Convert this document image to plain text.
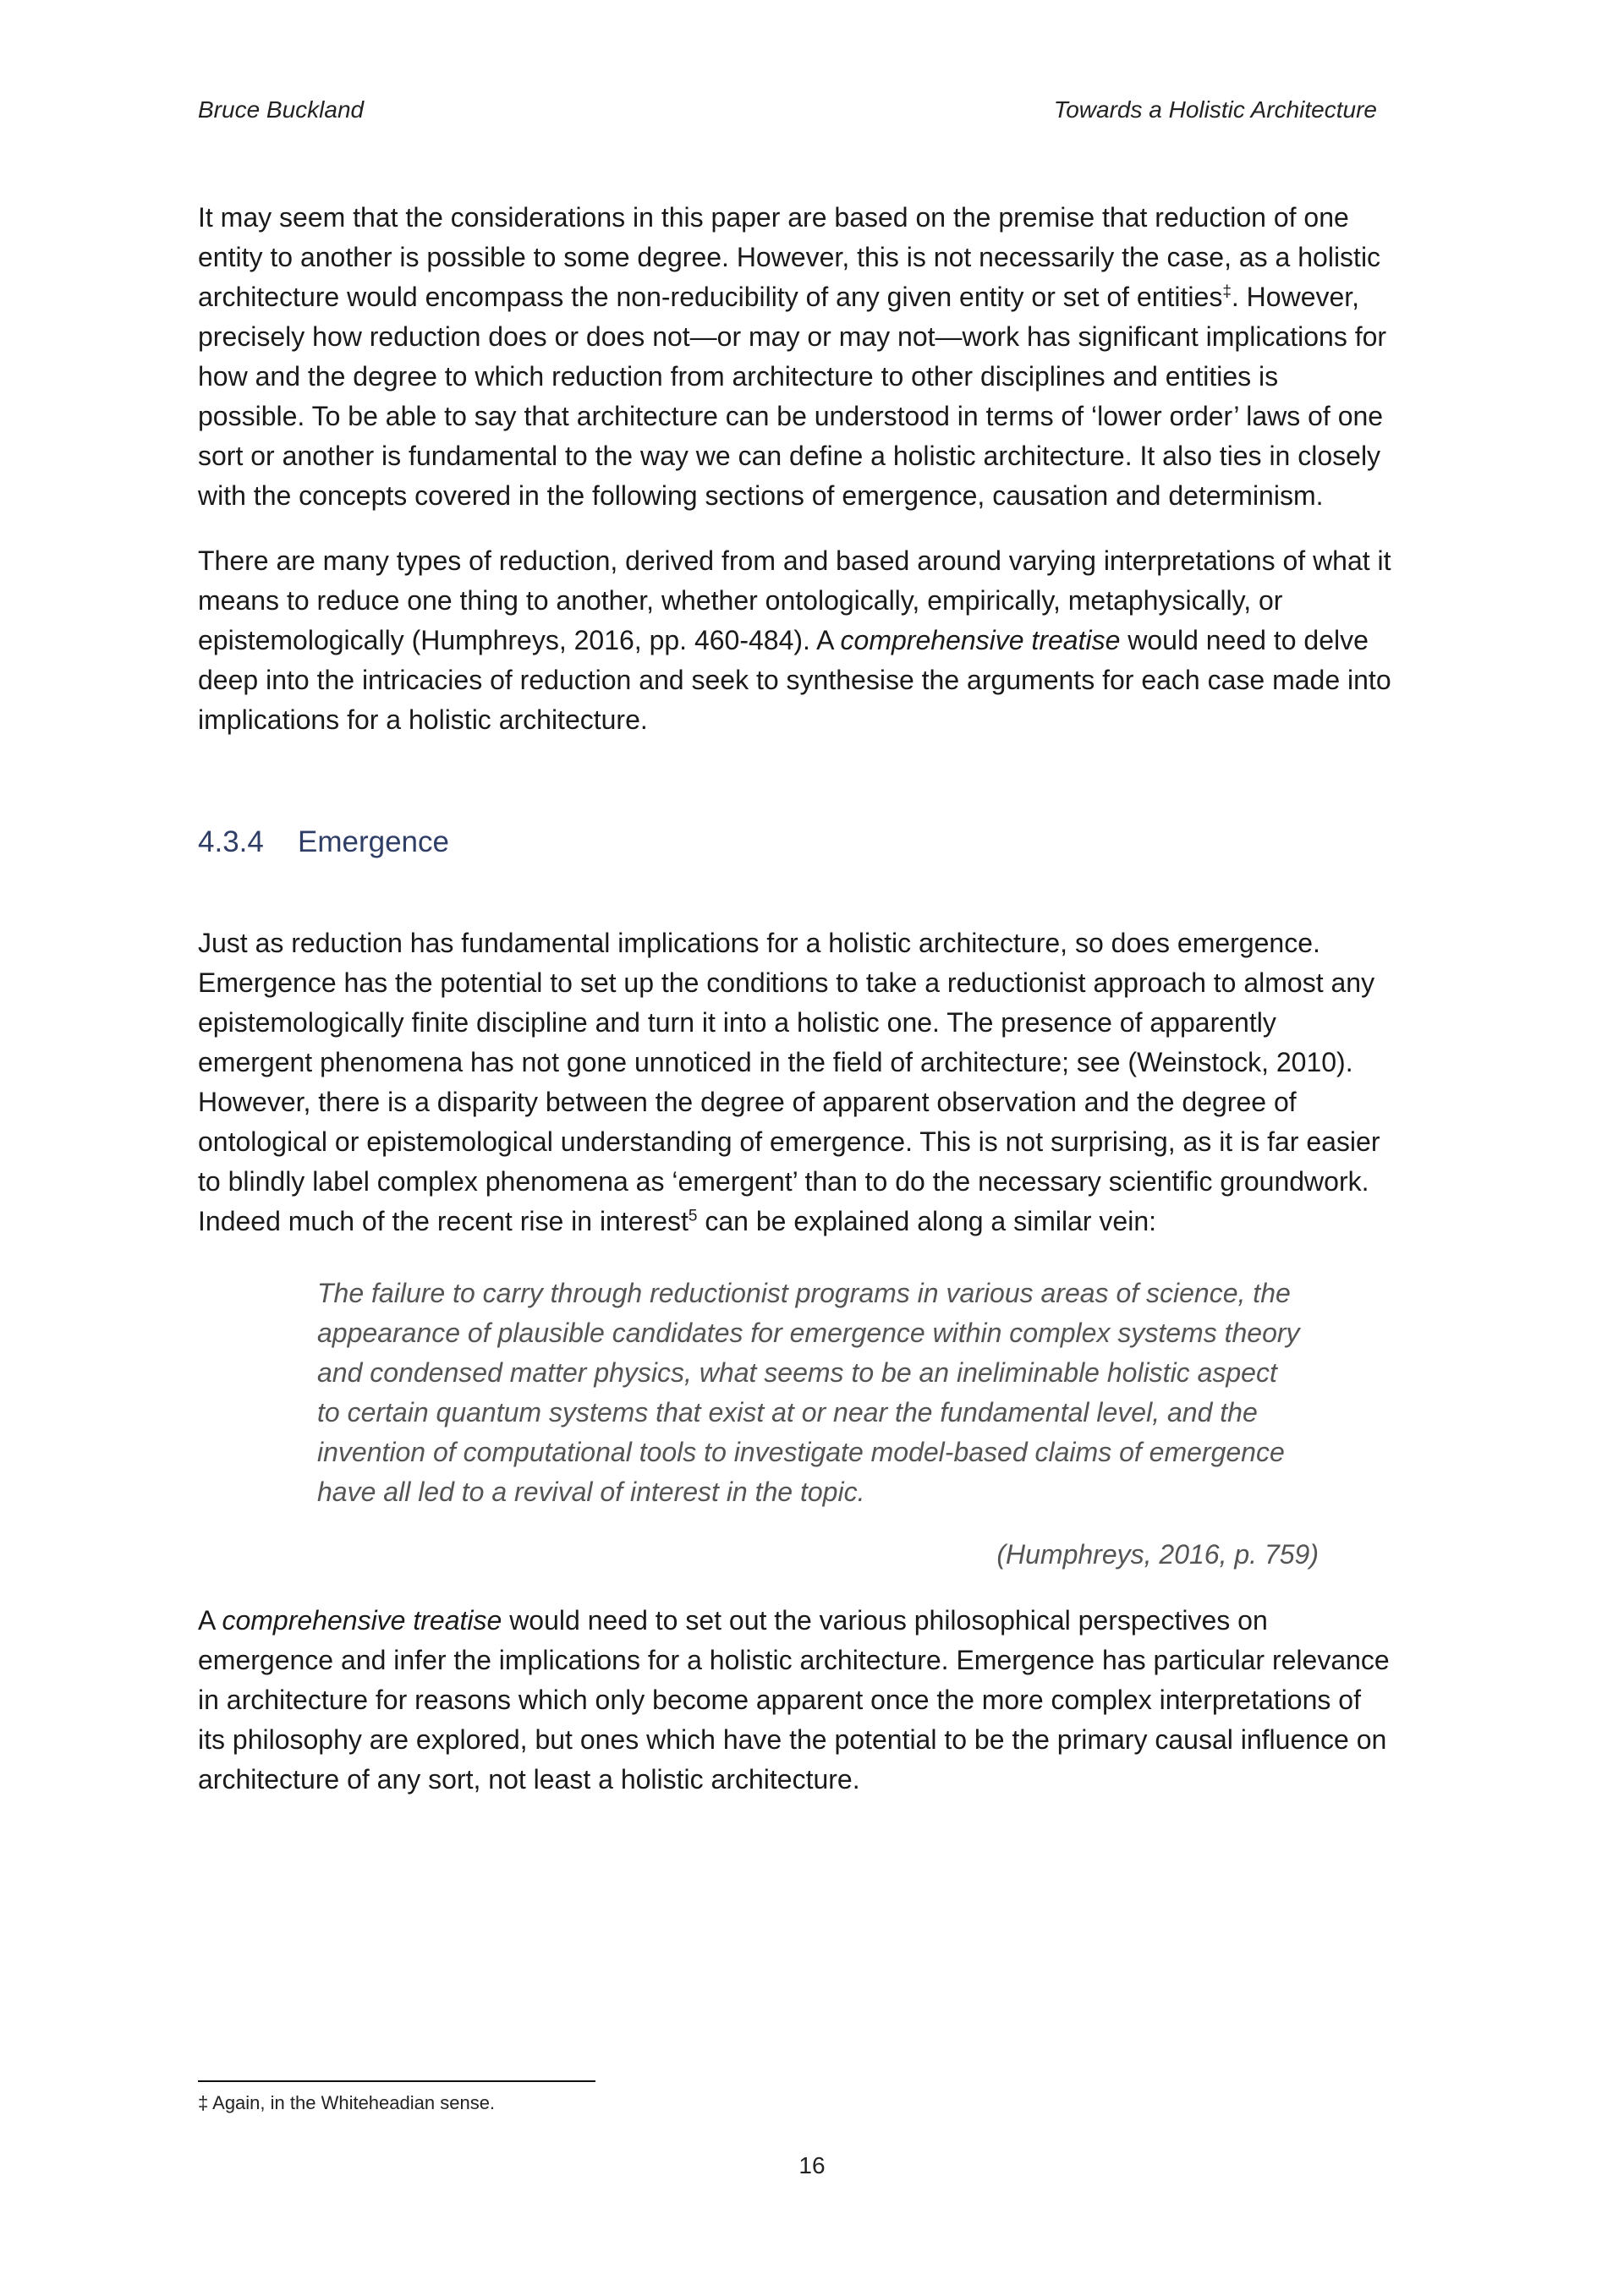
Bruce Buckland	Towards a Holistic Architecture

It may seem that the considerations in this paper are based on the premise that reduction of one

entity to another is possible to some degree. However, this is not necessarily the case, as a holistic

architecture would encompass the non-reducibility of any given entity or set of entities‡. However,

precisely how reduction does or does not—or may or may not—work has significant implications for

how and the degree to which reduction from architecture to other disciplines and entities is

possible. To be able to say that architecture can be understood in terms of ‘lower order’ laws of one

sort or another is fundamental to the way we can define a holistic architecture. It also ties in closely

with the concepts covered in the following sections of emergence, causation and determinism.

There are many types of reduction, derived from and based around varying interpretations of what it

means to reduce one thing to another, whether ontologically, empirically, metaphysically, or

epistemologically (Humphreys, 2016, pp. 460-484). A comprehensive treatise would need to delve

deep into the intricacies of reduction and seek to synthesise the arguments for each case made into

implications for a holistic architecture.

4.3.4	Emergence

Just as reduction has fundamental implications for a holistic architecture, so does emergence.

Emergence has the potential to set up the conditions to take a reductionist approach to almost any

epistemologically finite discipline and turn it into a holistic one. The presence of apparently

emergent phenomena has not gone unnoticed in the field of architecture; see (Weinstock, 2010).

However, there is a disparity between the degree of apparent observation and the degree of

ontological or epistemological understanding of emergence. This is not surprising, as it is far easier

to blindly label complex phenomena as ‘emergent’ than to do the necessary scientific groundwork.

Indeed much of the recent rise in interest$^5$ can be explained along a similar vein:

The failure to carry through reductionist programs in various areas of science, the

appearance of plausible candidates for emergence within complex systems theory

and condensed matter physics, what seems to be an ineliminable holistic aspect

to certain quantum systems that exist at or near the fundamental level, and the

invention of computational tools to investigate model-based claims of emergence

have all led to a revival of interest in the topic.

(Humphreys, 2016, p. 759)

A comprehensive treatise would need to set out the various philosophical perspectives on

emergence and infer the implications for a holistic architecture. Emergence has particular relevance

in architecture for reasons which only become apparent once the more complex interpretations of

its philosophy are explored, but ones which have the potential to be the primary causal influence on

architecture of any sort, not least a holistic architecture.

‡ Again, in the Whiteheadian sense.
16
